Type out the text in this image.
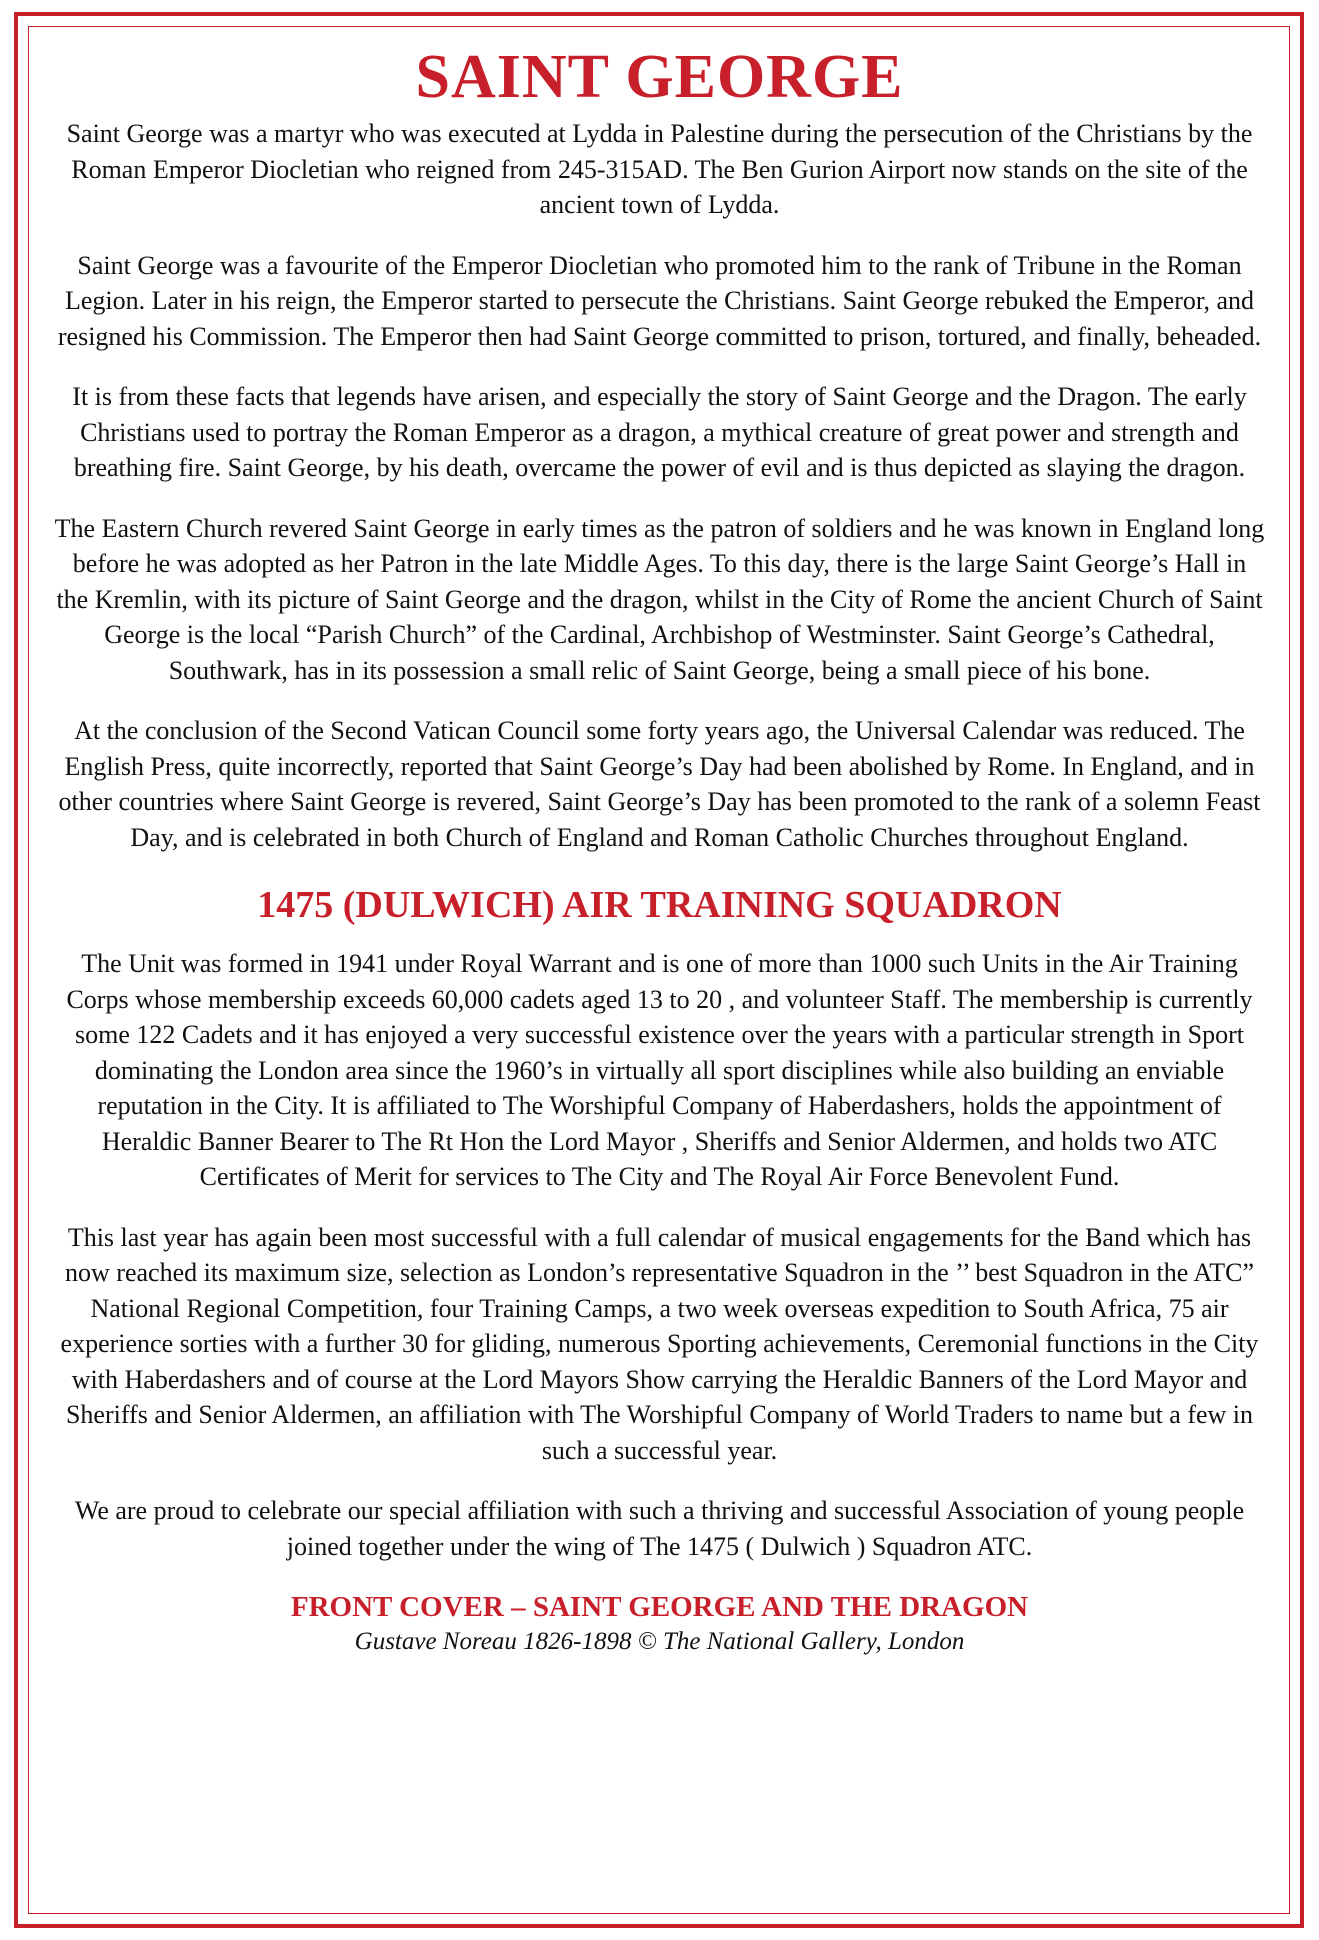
SAINT GEORGE

Saint George was a martyr who was executed at Lydda in Palestine during the persecution of the Christians by the Roman Emperor Diocletian who reigned from 245-315AD. The Ben Gurion Airport now stands on the site of the ancient town of Lydda.

Saint George was a favourite of the Emperor Diocletian who promoted him to the rank of Tribune in the Roman Legion. Later in his reign, the Emperor started to persecute the Christians. Saint George rebuked the Emperor, and resigned his Commission. The Emperor then had Saint George committed to prison, tortured, and finally, beheaded.

It is from these facts that legends have arisen, and especially the story of Saint George and the Dragon. The early Christians used to portray the Roman Emperor as a dragon, a mythical creature of great power and strength and breathing fire. Saint George, by his death, overcame the power of evil and is thus depicted as slaying the dragon.

The Eastern Church revered Saint George in early times as the patron of soldiers and he was known in England long before he was adopted as her Patron in the late Middle Ages. To this day, there is the large Saint George’s Hall in the Kremlin, with its picture of Saint George and the dragon, whilst in the City of Rome the ancient Church of Saint George is the local “Parish Church” of the Cardinal, Archbishop of Westminster. Saint George’s Cathedral, Southwark, has in its possession a small relic of Saint George, being a small piece of his bone.

At the conclusion of the Second Vatican Council some forty years ago, the Universal Calendar was reduced. The English Press, quite incorrectly, reported that Saint George’s Day had been abolished by Rome. In England, and in other countries where Saint George is revered, Saint George’s Day has been promoted to the rank of a solemn Feast Day, and is celebrated in both Church of England and Roman Catholic Churches throughout England.

1475 (DULWICH) AIR TRAINING SQUADRON

The Unit was formed in 1941 under Royal Warrant and is one of more than 1000 such Units in the Air Training Corps whose membership exceeds 60,000 cadets aged 13 to 20 , and volunteer Staff. The membership is currently some 122 Cadets and it has enjoyed a very successful existence over the years with a particular strength in Sport dominating the London area since the 1960’s in virtually all sport disciplines while also building an enviable reputation in the City. It is affiliated to The Worshipful Company of Haberdashers, holds the appointment of Heraldic Banner Bearer to The Rt Hon the Lord Mayor , Sheriffs and Senior Aldermen, and holds two ATC Certificates of Merit for services to The City and The Royal Air Force Benevolent Fund.

This last year has again been most successful with a full calendar of musical engagements for the Band which has now reached its maximum size, selection as London’s representative Squadron in the ’’ best Squadron in the ATC” National Regional Competition, four Training Camps, a two week overseas expedition to South Africa, 75 air experience sorties with a further 30 for gliding, numerous Sporting achievements, Ceremonial functions in the City with Haberdashers and of course at the Lord Mayors Show carrying the Heraldic Banners of the Lord Mayor and Sheriffs and Senior Aldermen, an affiliation with The Worshipful Company of World Traders to name but a few in such a successful year.

We are proud to celebrate our special affiliation with such a thriving and successful Association of young people joined together under the wing of The 1475 ( Dulwich ) Squadron ATC.

FRONT COVER – SAINT GEORGE AND THE DRAGON
Gustave Noreau 1826-1898 © The National Gallery, London
